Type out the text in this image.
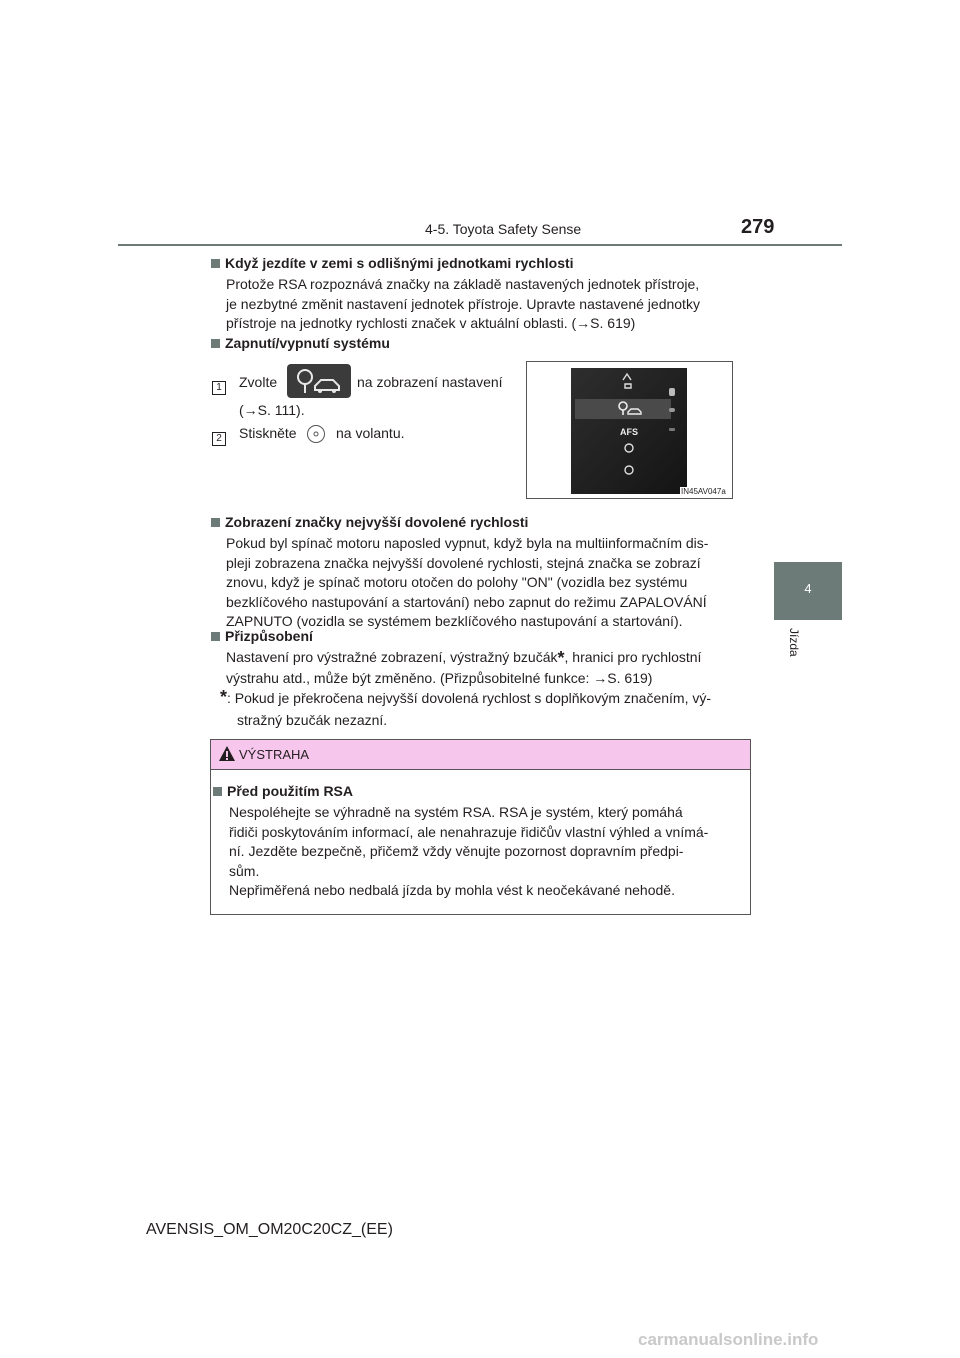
4-5. Toyota Safety Sense	279
4
Jízda
Když jezdíte v zemi s odlišnými jednotkami rychlosti
Protože RSA rozpoznává značky na základě nastavených jednotek přístroje,
je nezbytné změnit nastavení jednotek přístroje. Upravte nastavené jednotky
přístroje na jednotky rychlosti značek v aktuální oblasti. (→S. 619)
Zapnutí/vypnutí systému
1	Zvolte	na zobrazení nastavení
(→S. 111).
2	Stiskněte	na volantu.	AFS
IN45AV047a
Zobrazení značky nejvyšší dovolené rychlosti
Pokud byl spínač motoru naposled vypnut, když byla na multiinformačním dis-
pleji zobrazena značka nejvyšší dovolené rychlosti, stejná značka se zobrazí
znovu, když je spínač motoru otočen do polohy "ON" (vozidla bez systému
bezklíčového nastupování a startování) nebo zapnut do režimu ZAPALOVÁNÍ
ZAPNUTO (vozidla se systémem bezklíčového nastupování a startování).
Přizpůsobení
Nastavení pro výstražné zobrazení, výstražný bzučák*, hranici pro rychlostní
výstrahu atd., může být změněno. (Přizpůsobitelné funkce: →S. 619)
*: Pokud je překročena nejvyšší dovolená rychlost s doplňkovým značením, vý-
stražný bzučák nezazní.
VÝSTRAHA
Před použitím RSA
Nespoléhejte se výhradně na systém RSA. RSA je systém, který pomáhá
řidiči poskytováním informací, ale nenahrazuje řidičův vlastní výhled a vnímá-
ní. Jezděte bezpečně, přičemž vždy věnujte pozornost dopravním předpi-
sům.
Nepřiměřená nebo nedbalá jízda by mohla vést k neočekávané nehodě.
AVENSIS_OM_OM20C20CZ_(EE)
carmanualsonline.info
